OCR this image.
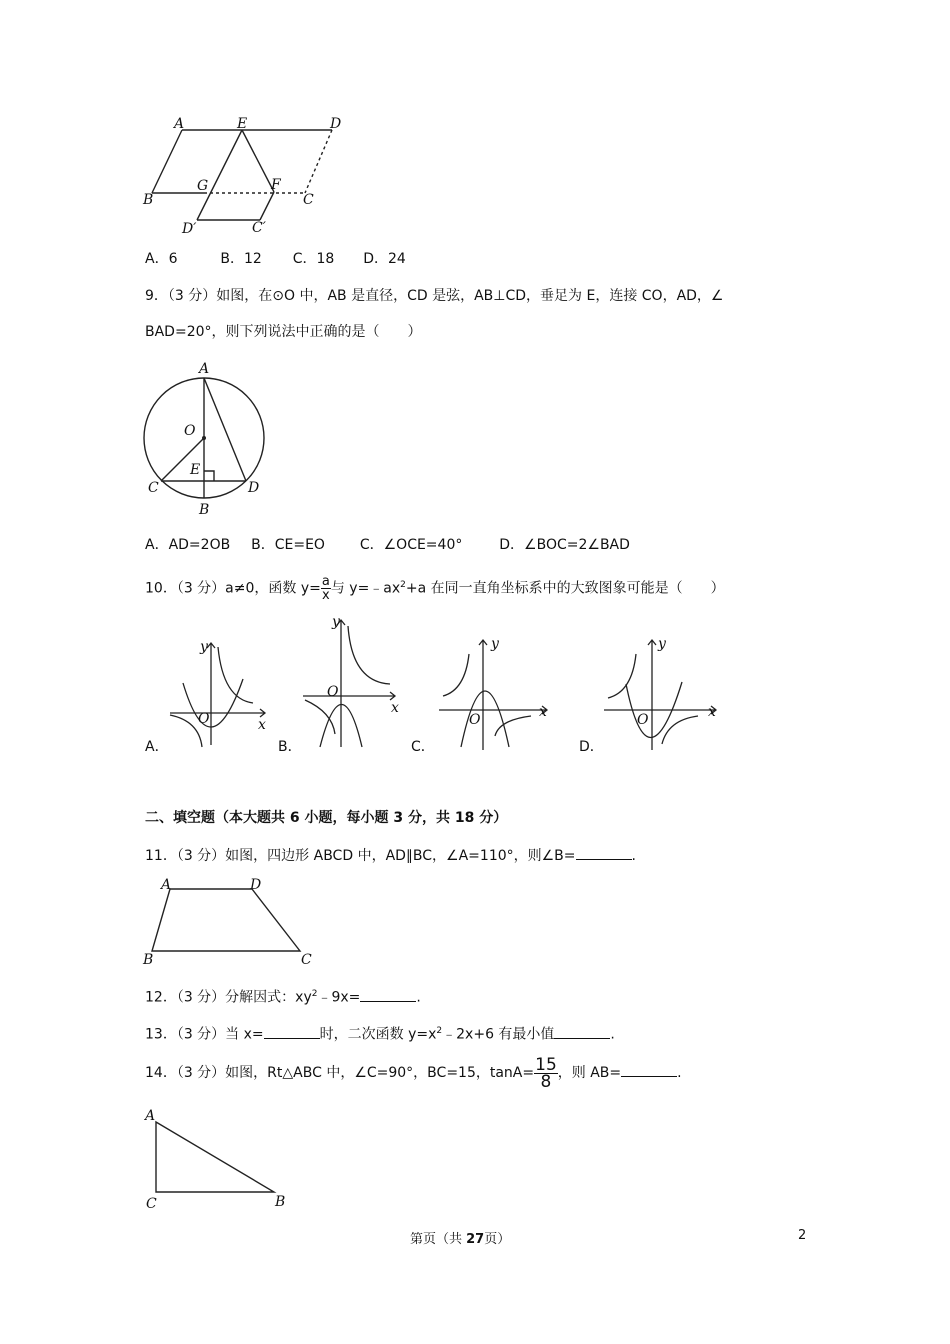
A	E	D
B
G	F
C
D′	C′
A．6	B．12 C．18 D．24
9．（3 分）如图，在⊙O 中，AB 是直径，CD 是弦，AB⊥CD，垂足为 E，连接 CO，AD，∠
BAD=20°，则下列说法中正确的是（　　）
A
O
E
C	D
B
A．AD=2OB B．CE=EO C．∠OCE=40°	D．∠BOC=2∠BAD
10．（3 分）a≠0，函数 $y= \frac{a}{x}$ 与 $y=﹣ax^2+a$ 在同一直角坐标系中的大致图象可能是（　　）
y
x
O
y
x
O
y
x
O
y
x
O
A．	B．	C．	D．
二、填空题（本大题共 6 小题，每小题 3 分，共 18 分）
11．（3 分）如图，四边形 ABCD 中，AD∥BC，∠A=110°，则∠B=	.
A	D
B	C
12．（3 分）分解因式：$xy^2﹣9x=$	.
13．（3 分）当 x=	时，二次函数 $y=x^2﹣2x+6$ 有最小值	.
14．（3 分）如图，Rt△ABC 中，∠C=90°，BC=15，$\tan A= \frac{15}{8}$，则 AB=	.
A
C	B
第页（共 27页）	2
